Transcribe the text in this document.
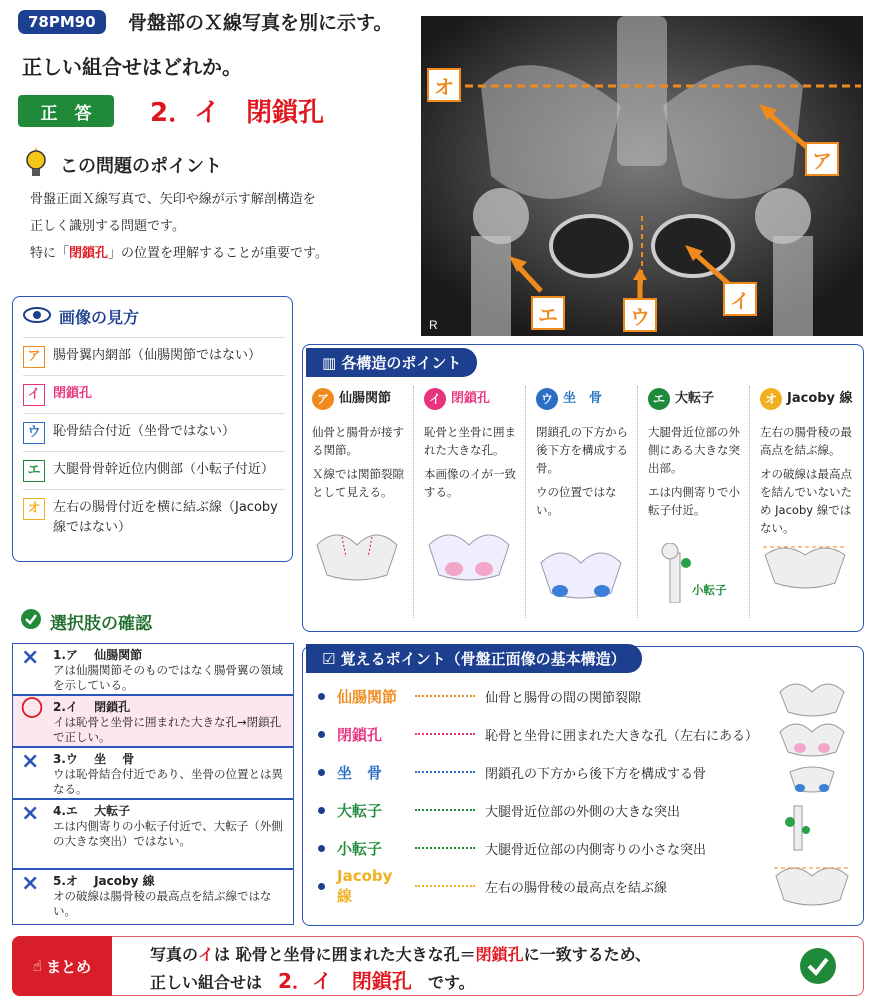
78PM90	骨盤部のＸ線写真を別に示す。
正しい組合せはどれか。
正　答	2．イ　閉鎖孔
この問題のポイント
骨盤正面Ｘ線写真で、矢印や線が示す解剖構造を
正しく識別する問題です。
特に「閉鎖孔」の位置を理解することが重要です。
R
オ
ア
イ
ウ
エ
画像の見方
ア 腸骨翼内網部（仙腸関節ではない）
イ 閉鎖孔
ウ 恥骨結合付近（坐骨ではない）
エ 大腿骨骨幹近位内側部（小転子付近）
オ 左右の腸骨付近を横に結ぶ線（Jacoby 線ではない）
▥ 各構造のポイント
ア 仙腸関節
仙骨と腸骨が接する関節。
Ｘ線では関節裂隙として見える。
イ 閉鎖孔
恥骨と坐骨に囲まれた大きな孔。
本画像のイが一致する。
ウ 坐　骨
閉鎖孔の下方から後下方を構成する骨。
ウの位置ではない。
エ 大転子
大腿骨近位部の外側にある大きな突出部。
エは内側寄りで小転子付近。
小転子
オ Jacoby 線
左右の腸骨稜の最高点を結ぶ線。
オの破線は最高点を結んでいないため Jacoby 線ではない。
選択肢の確認
× 1.ア　 仙腸関節
アは仙腸関節そのものではなく腸骨翼の領域を示している。
〇 2.イ　 閉鎖孔
イは恥骨と坐骨に囲まれた大きな孔→閉鎖孔で正しい。
× 3.ウ　 坐　 骨
ウは恥骨結合付近であり、坐骨の位置とは異なる。
× 4.エ　 大転子
エは内側寄りの小転子付近で、大転子（外側の大きな突出）ではない。
× 5.オ　 Jacoby 線
オの破線は腸骨稜の最高点を結ぶ線ではない。
☑ 覚えるポイント（骨盤正面像の基本構造）
仙腸関節	仙骨と腸骨の間の関節裂隙
閉鎖孔	恥骨と坐骨に囲まれた大きな孔（左右にある）
坐　骨	閉鎖孔の下方から後下方を構成する骨
大転子	大腿骨近位部の外側の大きな突出
小転子	大腿骨近位部の内側寄りの小さな突出
Jacoby 線	左右の腸骨稜の最高点を結ぶ線
☝ まとめ
写真のイは 恥骨と坐骨に囲まれた大きな孔＝閉鎖孔に一致するため、
正しい組合せは　2．イ　閉鎖孔　です。
